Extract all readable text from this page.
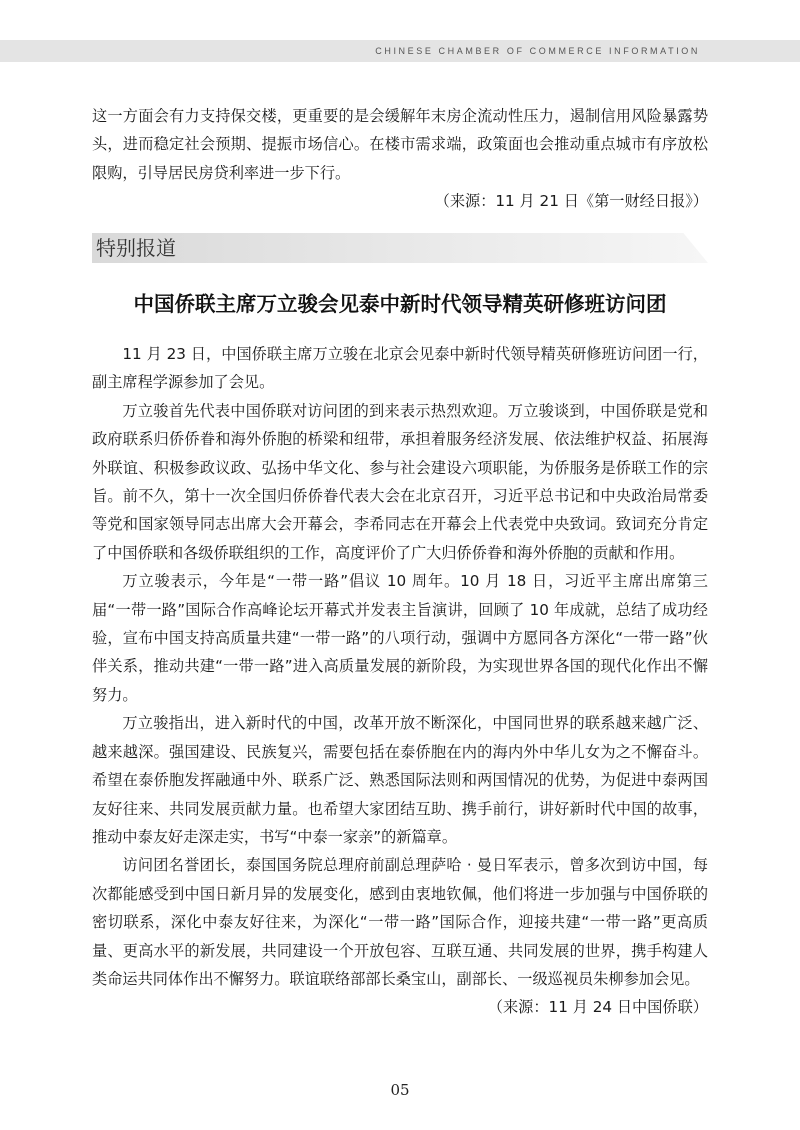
CHINESE CHAMBER OF COMMERCE INFORMATION

这一方面会有力支持保交楼，更重要的是会缓解年末房企流动性压力，遏制信用风险暴露势头，进而稳定社会预期、提振市场信心。在楼市需求端，政策面也会推动重点城市有序放松限购，引导居民房贷利率进一步下行。

（来源：11 月 21 日《第一财经日报》）

特别报道
中国侨联主席万立骏会见泰中新时代领导精英研修班访问团

11 月 23 日，中国侨联主席万立骏在北京会见泰中新时代领导精英研修班访问团一行，副主席程学源参加了会见。

万立骏首先代表中国侨联对访问团的到来表示热烈欢迎。万立骏谈到，中国侨联是党和政府联系归侨侨眷和海外侨胞的桥梁和纽带，承担着服务经济发展、依法维护权益、拓展海外联谊、积极参政议政、弘扬中华文化、参与社会建设六项职能，为侨服务是侨联工作的宗旨。前不久，第十一次全国归侨侨眷代表大会在北京召开，习近平总书记和中央政治局常委等党和国家领导同志出席大会开幕会，李希同志在开幕会上代表党中央致词。致词充分肯定了中国侨联和各级侨联组织的工作，高度评价了广大归侨侨眷和海外侨胞的贡献和作用。

万立骏表示，今年是“一带一路”倡议 10 周年。10 月 18 日，习近平主席出席第三届“一带一路”国际合作高峰论坛开幕式并发表主旨演讲，回顾了 10 年成就，总结了成功经验，宣布中国支持高质量共建“一带一路”的八项行动，强调中方愿同各方深化“一带一路”伙伴关系，推动共建“一带一路”进入高质量发展的新阶段，为实现世界各国的现代化作出不懈努力。

万立骏指出，进入新时代的中国，改革开放不断深化，中国同世界的联系越来越广泛、越来越深。强国建设、民族复兴，需要包括在泰侨胞在内的海内外中华儿女为之不懈奋斗。希望在泰侨胞发挥融通中外、联系广泛、熟悉国际法则和两国情况的优势，为促进中泰两国友好往来、共同发展贡献力量。也希望大家团结互助、携手前行，讲好新时代中国的故事，推动中泰友好走深走实，书写“中泰一家亲”的新篇章。

访问团名誉团长，泰国国务院总理府前副总理萨哈 · 曼日军表示，曾多次到访中国，每次都能感受到中国日新月异的发展变化，感到由衷地钦佩，他们将进一步加强与中国侨联的密切联系，深化中泰友好往来，为深化“一带一路”国际合作，迎接共建“一带一路”更高质量、更高水平的新发展，共同建设一个开放包容、互联互通、共同发展的世界，携手构建人类命运共同体作出不懈努力。联谊联络部部长桑宝山，副部长、一级巡视员朱柳参加会见。

（来源：11 月 24 日中国侨联）

05
